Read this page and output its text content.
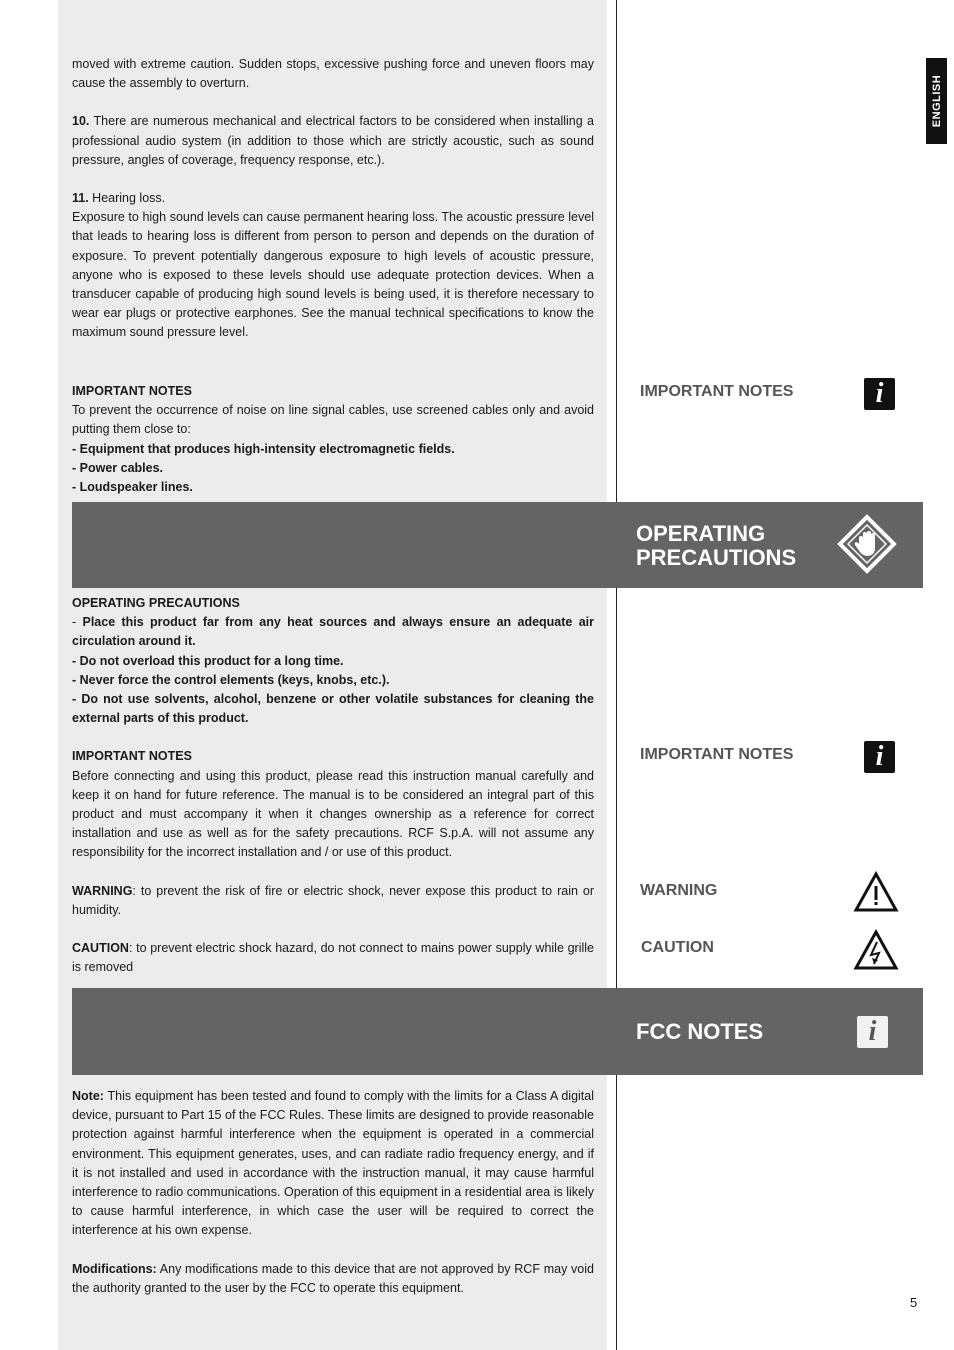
ENGLISH

moved with extreme caution. Sudden stops, excessive pushing force and uneven floors may cause the assembly to overturn.

10. There are numerous mechanical and electrical factors to be considered when installing a professional audio system (in addition to those which are strictly acoustic, such as sound pressure, angles of coverage, frequency response, etc.).

11. Hearing loss.

Exposure to high sound levels can cause permanent hearing loss. The acoustic pressure level that leads to hearing loss is different from person to person and depends on the duration of exposure. To prevent potentially dangerous exposure to high levels of acoustic pressure, anyone who is exposed to these levels should use adequate protection devices. When a transducer capable of producing high sound levels is being used, it is therefore necessary to wear ear plugs or protective earphones. See the manual technical specifications to know the maximum sound pressure level.

IMPORTANT NOTES

To prevent the occurrence of noise on line signal cables, use screened cables only and avoid putting them close to:

- Equipment that produces high-intensity electromagnetic fields.

- Power cables.

- Loudspeaker lines.

IMPORTANT NOTES	i
OPERATING
PRECAUTIONS

OPERATING PRECAUTIONS

- Place this product far from any heat sources and always ensure an adequate air circulation around it.

- Do not overload this product for a long time.

- Never force the control elements (keys, knobs, etc.).

- Do not use solvents, alcohol, benzene or other volatile substances for cleaning the external parts of this product.

IMPORTANT NOTES

Before connecting and using this product, please read this instruction manual carefully and keep it on hand for future reference. The manual is to be considered an integral part of this product and must accompany it when it changes ownership as a reference for correct installation and use as well as for the safety precautions. RCF S.p.A. will not assume any responsibility for the incorrect installation and / or use of this product.

WARNING: to prevent the risk of fire or electric shock, never expose this product to rain or humidity.

CAUTION: to prevent electric shock hazard, do not connect to mains power supply while grille is removed

IMPORTANT NOTES	i
WARNING
CAUTION
FCC NOTES	i

Note: This equipment has been tested and found to comply with the limits for a Class A digital device, pursuant to Part 15 of the FCC Rules. These limits are designed to provide reasonable protection against harmful interference when the equipment is operated in a commercial environment. This equipment generates, uses, and can radiate radio frequency energy, and if it is not installed and used in accordance with the instruction manual, it may cause harmful interference to radio communications. Operation of this equipment in a residential area is likely to cause harmful interference, in which case the user will be required to correct the interference at his own expense.

Modifications: Any modifications made to this device that are not approved by RCF may void the authority granted to the user by the FCC to operate this equipment.

5
